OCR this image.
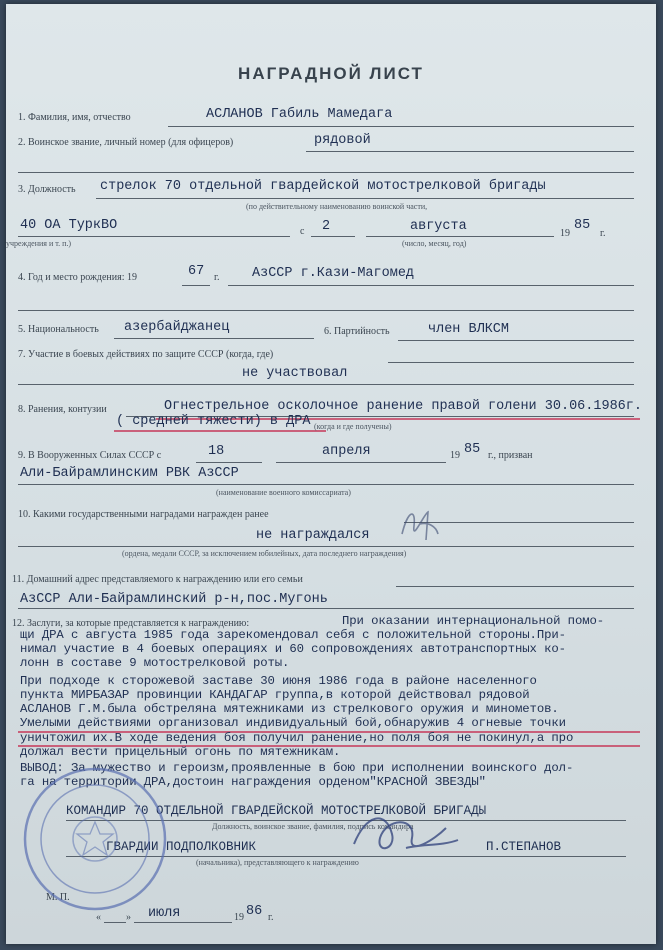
НАГРАДНОЙ ЛИСТ
1. Фамилия, имя, отчество	АСЛАНОВ Габиль Мамедага
2. Воинское звание, личный номер (для офицеров)	рядовой
3. Должность стрелок 70 отдельной гвардейской мотострелковой бригады
(по действительному наименованию воинской части,
40 ОА ТуркВО
учреждения и т. п.)
с 2	августа
(число, месяц, год)
19
85
г.
4. Год и место рождения: 19	67 г. АзССР г.Кази-Магомед
5. Национальность азербайджанец	6. Партийность	член ВЛКСМ
7. Участие в боевых действиях по защите СССР (когда, где)
не участвовал
8. Ранения, контузии	Огнестрельное осколочное ранение правой голени 30.06.1986г.
( средней тяжести) в ДРА (когда и где получены)
9. В Вооруженных Силах СССР с	18	апреля	19 85 г., призван
Али-Байрамлинским РВК АзССР
(наименование военного комиссариата)
10. Какими государственными наградами награжден ранее
не награждался
(ордена, медали СССР, за исключением юбилейных, дата последнего награждения)
11. Домашний адрес представляемого к награждению или его семьи
АзССР Али-Байрамлинский р-н,пос.Мугонь
12. Заслуги, за которые представляется к награждению:	При оказании интернациональной помо-
щи ДРА с августа 1985 года зарекомендовал себя с положительной стороны.При-
нимал участие в 4 боевых операциях и 60 сопровождениях автотранспортных ко-
лонн в составе 9 мотострелковой роты.
При подходе к сторожевой заставе 30 июня 1986 года в районе населенного
пункта МИРБАЗАР провинции КАНДАГАР группа,в которой действовал рядовой
АСЛАНОВ Г.М.была обстреляна мятежниками из стрелкового оружия и минометов.
Умелыми действиями организовал индивидуальный бой,обнаружив 4 огневые точки
уничтожил их.В ходе ведения боя получил ранение,но поля боя не покинул,а про
должал вести прицельный огонь по мятежникам.
ВЫВОД: За мужество и героизм,проявленные в бою при исполнении воинского дол-
га на территории ДРА,достоин награждения орденом"КРАСНОЙ ЗВЕЗДЫ"
КОМАНДИР 70 ОТДЕЛЬНОЙ ГВАРДЕЙСКОЙ МОТОСТРЕЛКОВОЙ БРИГАДЫ
Должность, воинское звание, фамилия, подпись командира
ГВАРДИИ ПОДПОЛКОВНИК	П.СТЕПАНОВ
(начальника), представляющего к награждению
М. П.
«	» июля	19 86 г.
